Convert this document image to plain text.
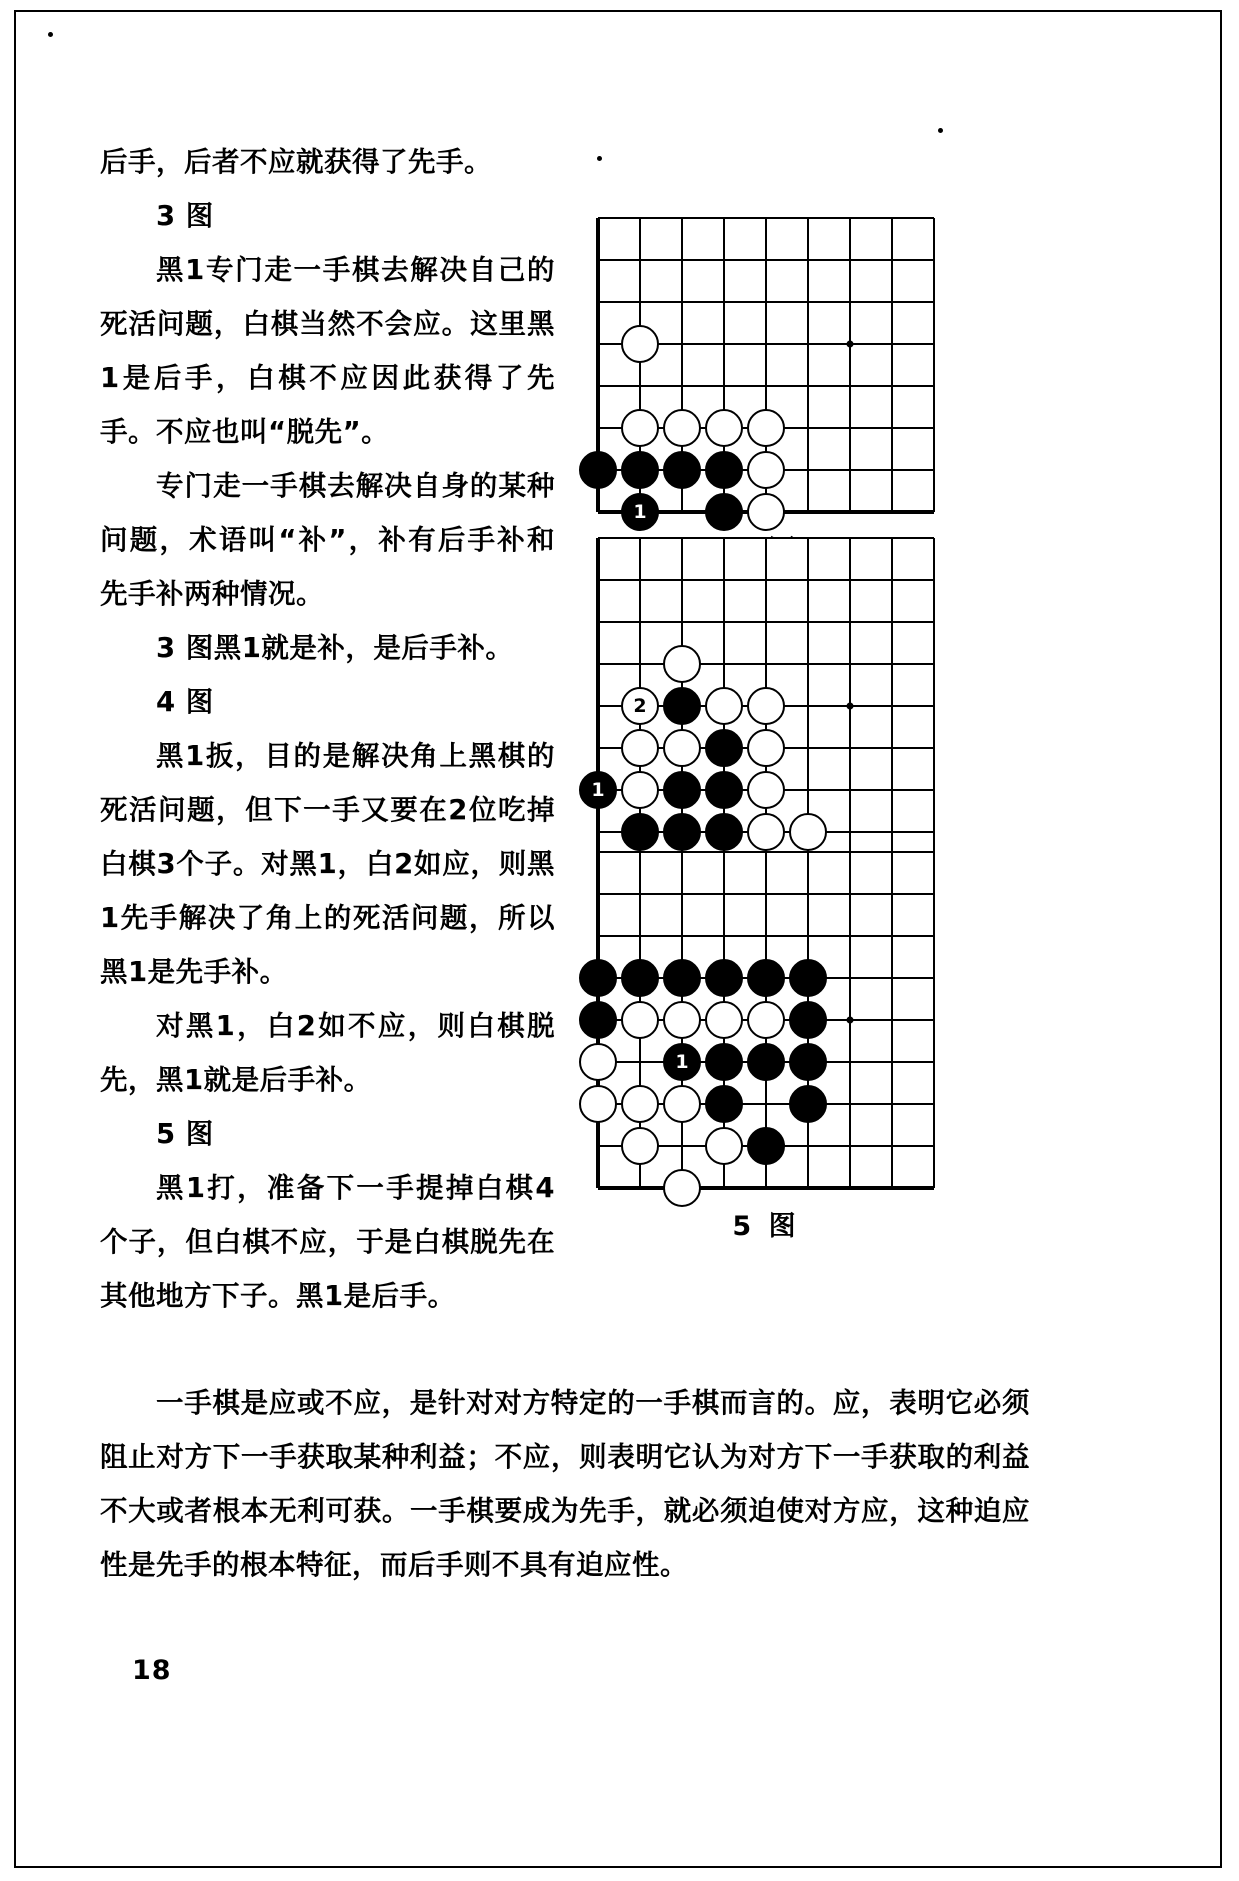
后手，后者不应就获得了先手。

3 图

黑1专门走一手棋去解决自己的死活问题，白棋当然不会应。这里黑1是后手，白棋不应因此获得了先手。不应也叫“脱先”。

专门走一手棋去解决自身的某种问题，术语叫“补”，补有后手补和先手补两种情况。

3 图黑1就是补，是后手补。

4 图

黑1扳，目的是解决角上黑棋的死活问题，但下一手又要在2位吃掉白棋3个子。对黑1，白2如应，则黑1先手解决了角上的死活问题，所以黑1是先手补。

对黑1，白2如不应，则白棋脱先，黑1就是后手补。

5 图

黑1打，准备下一手提掉白棋4个子，但白棋不应，于是白棋脱先在其他地方下子。黑1是后手。

一手棋是应或不应，是针对对方特定的一手棋而言的。应，表明它必须阻止对方下一手获取某种利益；不应，则表明它认为对方下一手获取的利益不大或者根本无利可获。一手棋要成为先手，就必须迫使对方应，这种迫应性是先手的根本特征，而后手则不具有迫应性。

18
1
2
1
1
5 图
